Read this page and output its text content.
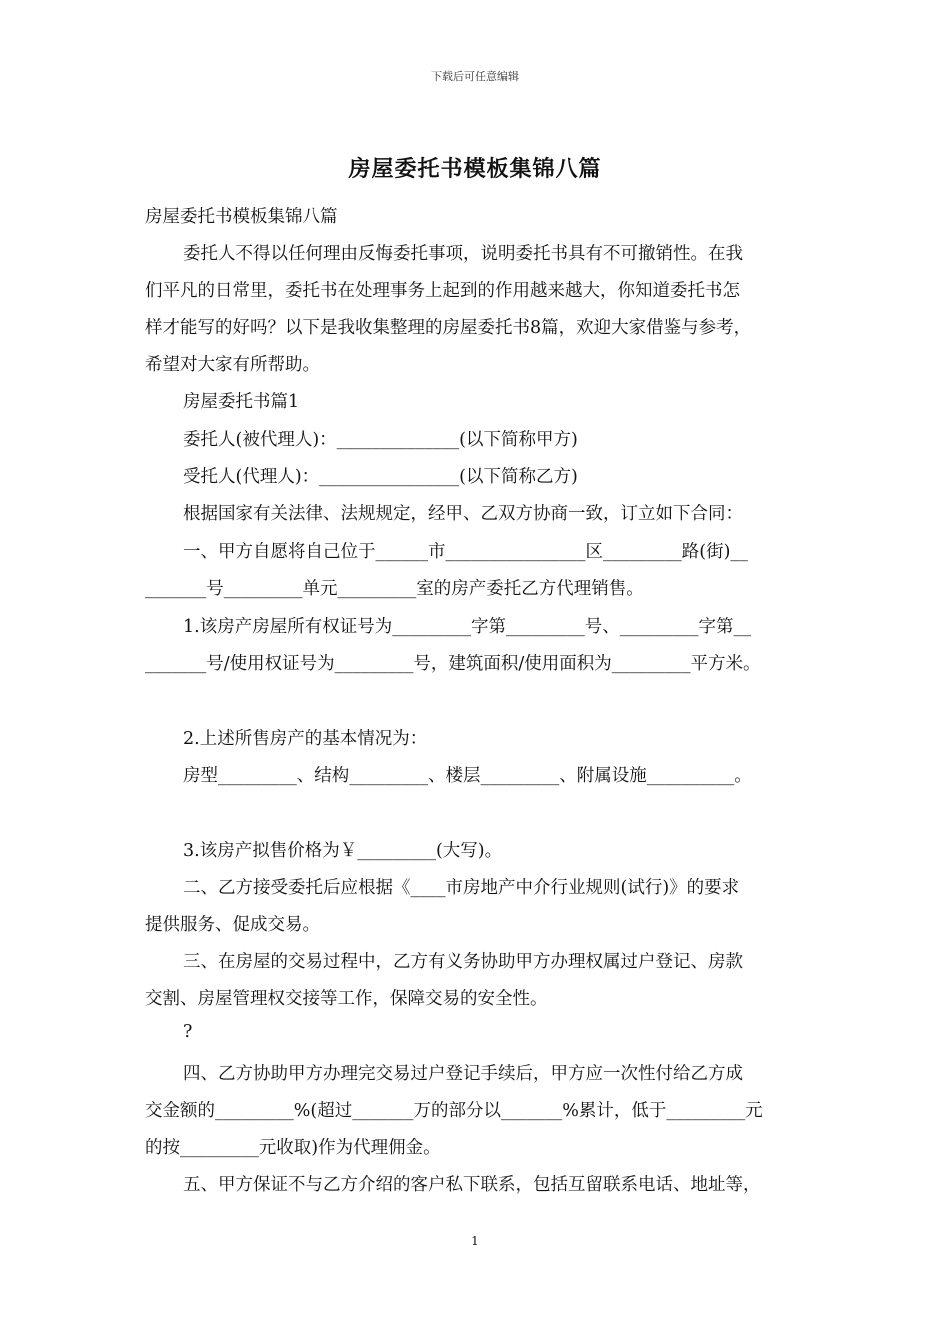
下载后可任意编辑
房屋委托书模板集锦八篇
房屋委托书模板集锦八篇
委托人不得以任何理由反悔委托事项，说明委托书具有不可撤销性。在我
们平凡的日常里，委托书在处理事务上起到的作用越来越大，你知道委托书怎
样才能写的好吗？以下是我收集整理的房屋委托书8篇，欢迎大家借鉴与参考，
希望对大家有所帮助。
房屋委托书篇1
委托人(被代理人)：______________(以下简称甲方)
受托人(代理人)：________________(以下简称乙方)
根据国家有关法律、法规规定，经甲、乙双方协商一致，订立如下合同：
一、甲方自愿将自己位于______市________________区_________路(街)__
_______号_________单元_________室的房产委托乙方代理销售。
1.该房产房屋所有权证号为_________字第_________号、_________字第__
_______号/使用权证号为_________号，建筑面积/使用面积为_________平方米。
2.上述所售房产的基本情况为：
房型_________、结构_________、楼层_________、附属设施__________。
3.该房产拟售价格为￥_________(大写)。
二、乙方接受委托后应根据《____市房地产中介行业规则(试行)》的要求
提供服务、促成交易。
三、在房屋的交易过程中，乙方有义务协助甲方办理权属过户登记、房款
交割、房屋管理权交接等工作，保障交易的安全性。
?
四、乙方协助甲方办理完交易过户登记手续后，甲方应一次性付给乙方成
交金额的_________%(超过_______万的部分以_______%累计，低于_________元
的按_________元收取)作为代理佣金。
五、甲方保证不与乙方介绍的客户私下联系，包括互留联系电话、地址等，
1
